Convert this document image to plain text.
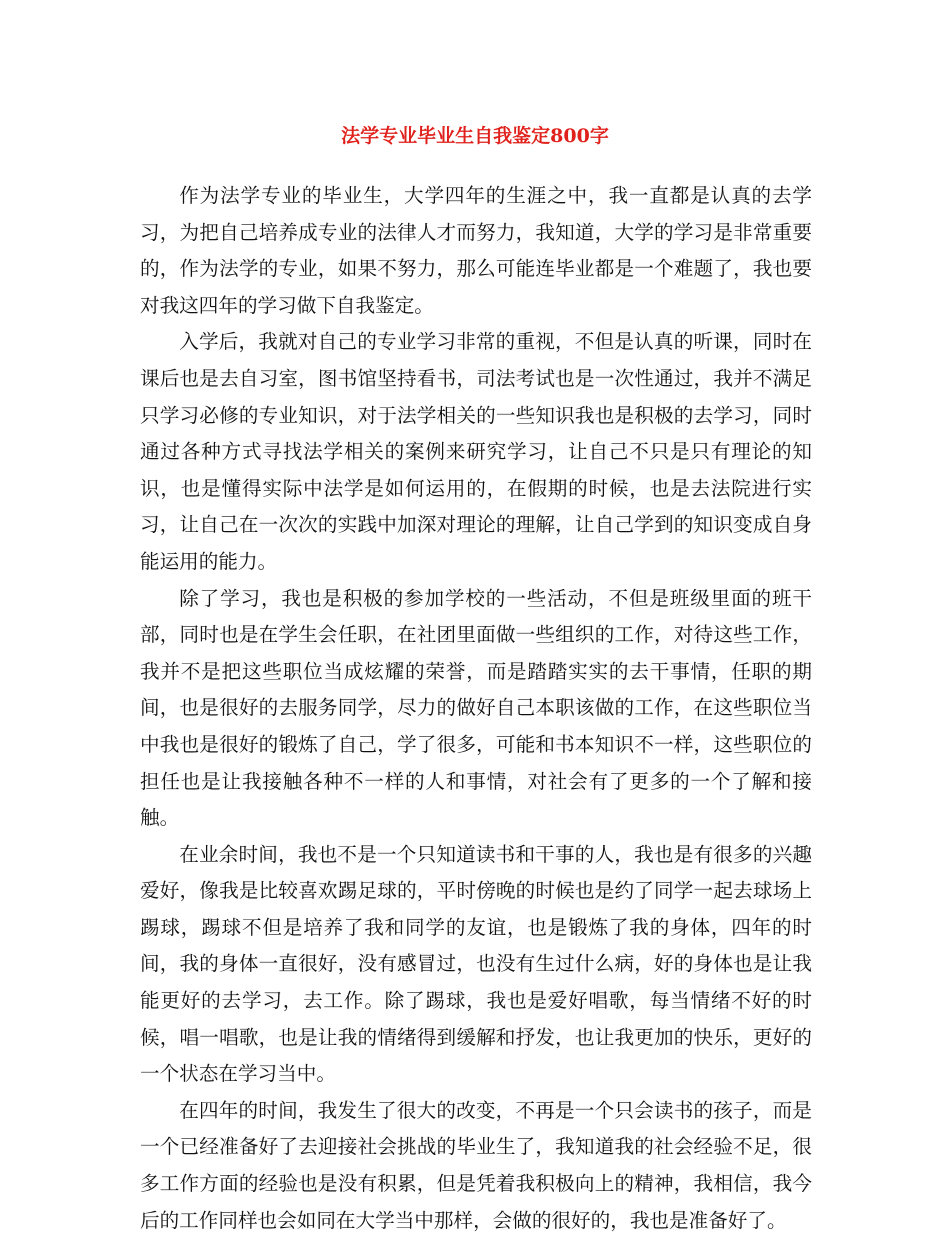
法学专业毕业生自我鉴定800字

作为法学专业的毕业生，大学四年的生涯之中，我一直都是认真的去学习，为把自己培养成专业的法律人才而努力，我知道，大学的学习是非常重要的，作为法学的专业，如果不努力，那么可能连毕业都是一个难题了，我也要对我这四年的学习做下自我鉴定。

入学后，我就对自己的专业学习非常的重视，不但是认真的听课，同时在课后也是去自习室，图书馆坚持看书，司法考试也是一次性通过，我并不满足只学习必修的专业知识，对于法学相关的一些知识我也是积极的去学习，同时通过各种方式寻找法学相关的案例来研究学习，让自己不只是只有理论的知识，也是懂得实际中法学是如何运用的，在假期的时候，也是去法院进行实习，让自己在一次次的实践中加深对理论的理解，让自己学到的知识变成自身能运用的能力。

除了学习，我也是积极的参加学校的一些活动，不但是班级里面的班干部，同时也是在学生会任职，在社团里面做一些组织的工作，对待这些工作，我并不是把这些职位当成炫耀的荣誉，而是踏踏实实的去干事情，任职的期间，也是很好的去服务同学，尽力的做好自己本职该做的工作，在这些职位当中我也是很好的锻炼了自己，学了很多，可能和书本知识不一样，这些职位的担任也是让我接触各种不一样的人和事情，对社会有了更多的一个了解和接触。

在业余时间，我也不是一个只知道读书和干事的人，我也是有很多的兴趣爱好，像我是比较喜欢踢足球的，平时傍晚的时候也是约了同学一起去球场上踢球，踢球不但是培养了我和同学的友谊，也是锻炼了我的身体，四年的时间，我的身体一直很好，没有感冒过，也没有生过什么病，好的身体也是让我能更好的去学习，去工作。除了踢球，我也是爱好唱歌，每当情绪不好的时候，唱一唱歌，也是让我的情绪得到缓解和抒发，也让我更加的快乐，更好的一个状态在学习当中。

在四年的时间，我发生了很大的改变，不再是一个只会读书的孩子，而是一个已经准备好了去迎接社会挑战的毕业生了，我知道我的社会经验不足，很多工作方面的经验也是没有积累，但是凭着我积极向上的精神，我相信，我今后的工作同样也会如同在大学当中那样，会做的很好的，我也是准备好了。
